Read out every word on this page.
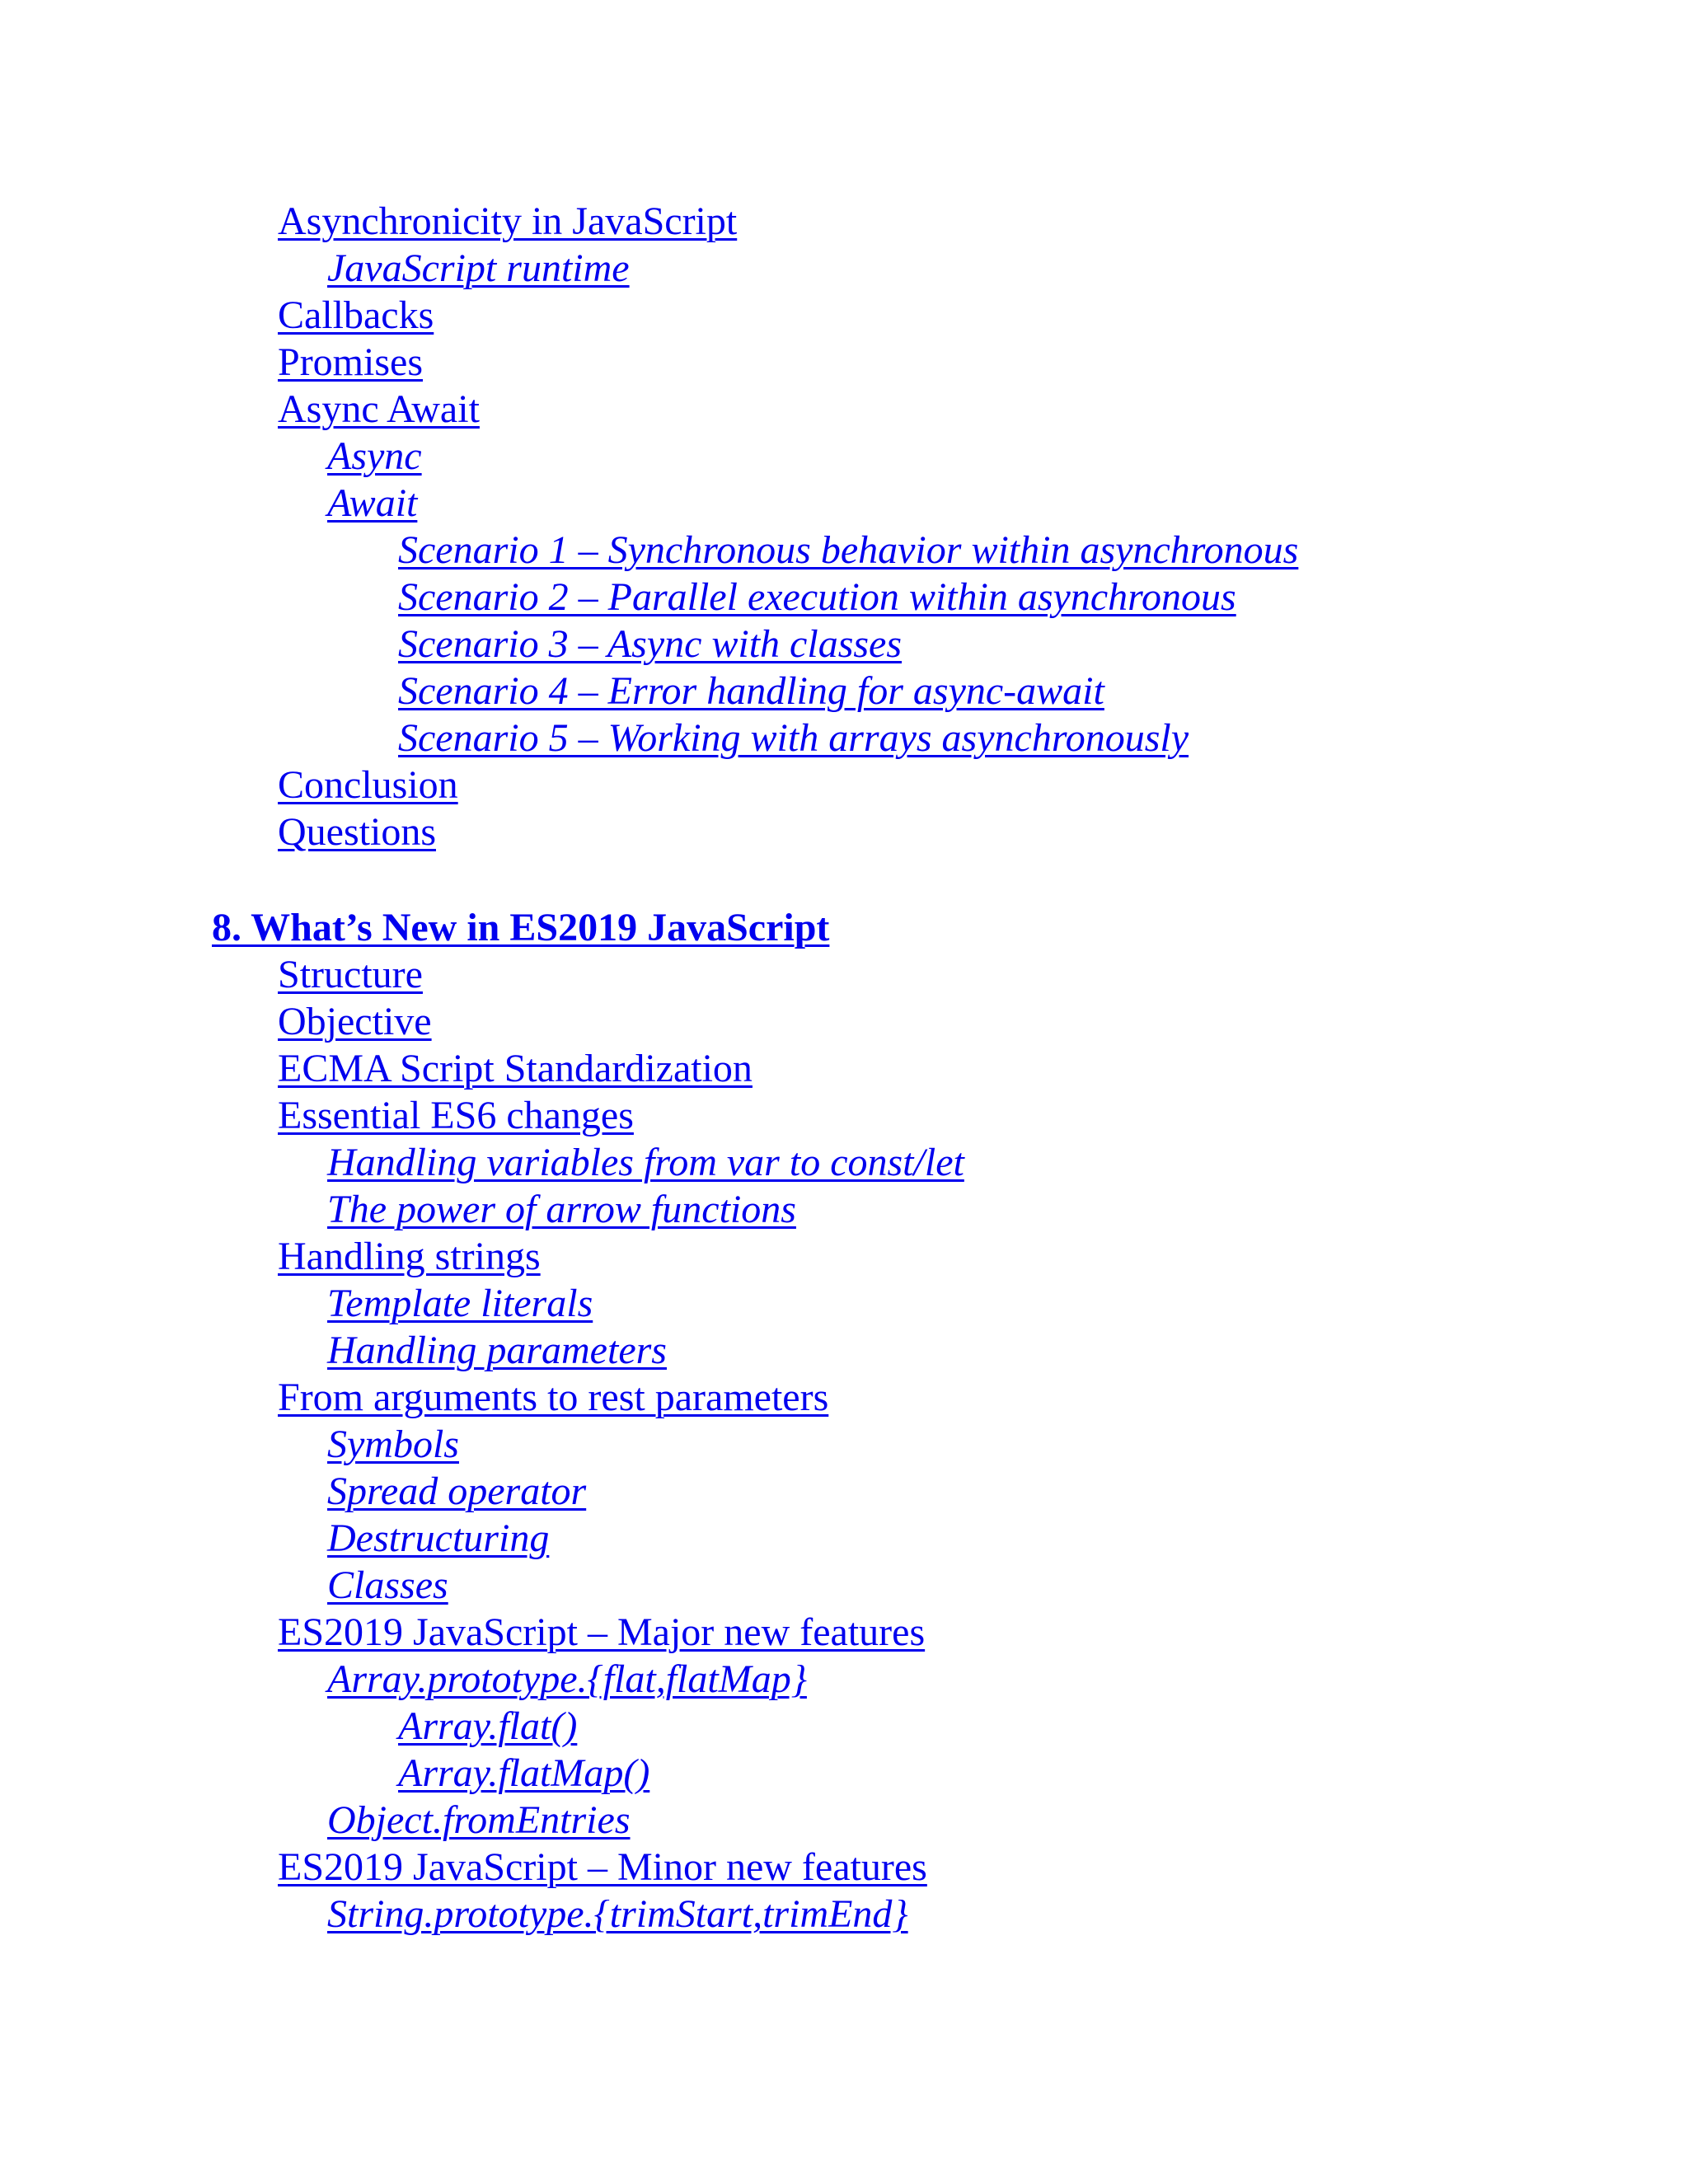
Asynchronicity in JavaScript
JavaScript runtime
Callbacks
Promises
Async Await
Async
Await
Scenario 1 – Synchronous behavior within asynchronous
Scenario 2 – Parallel execution within asynchronous
Scenario 3 – Async with classes
Scenario 4 – Error handling for async-await
Scenario 5 – Working with arrays asynchronously
Conclusion
Questions
8. What’s New in ES2019 JavaScript
Structure
Objective
ECMA Script Standardization
Essential ES6 changes
Handling variables from var to const/let
The power of arrow functions
Handling strings
Template literals
Handling parameters
From arguments to rest parameters
Symbols
Spread operator
Destructuring
Classes
ES2019 JavaScript – Major new features
Array.prototype.{flat,flatMap}
Array.flat()
Array.flatMap()
Object.fromEntries
ES2019 JavaScript – Minor new features
String.prototype.{trimStart,trimEnd}
